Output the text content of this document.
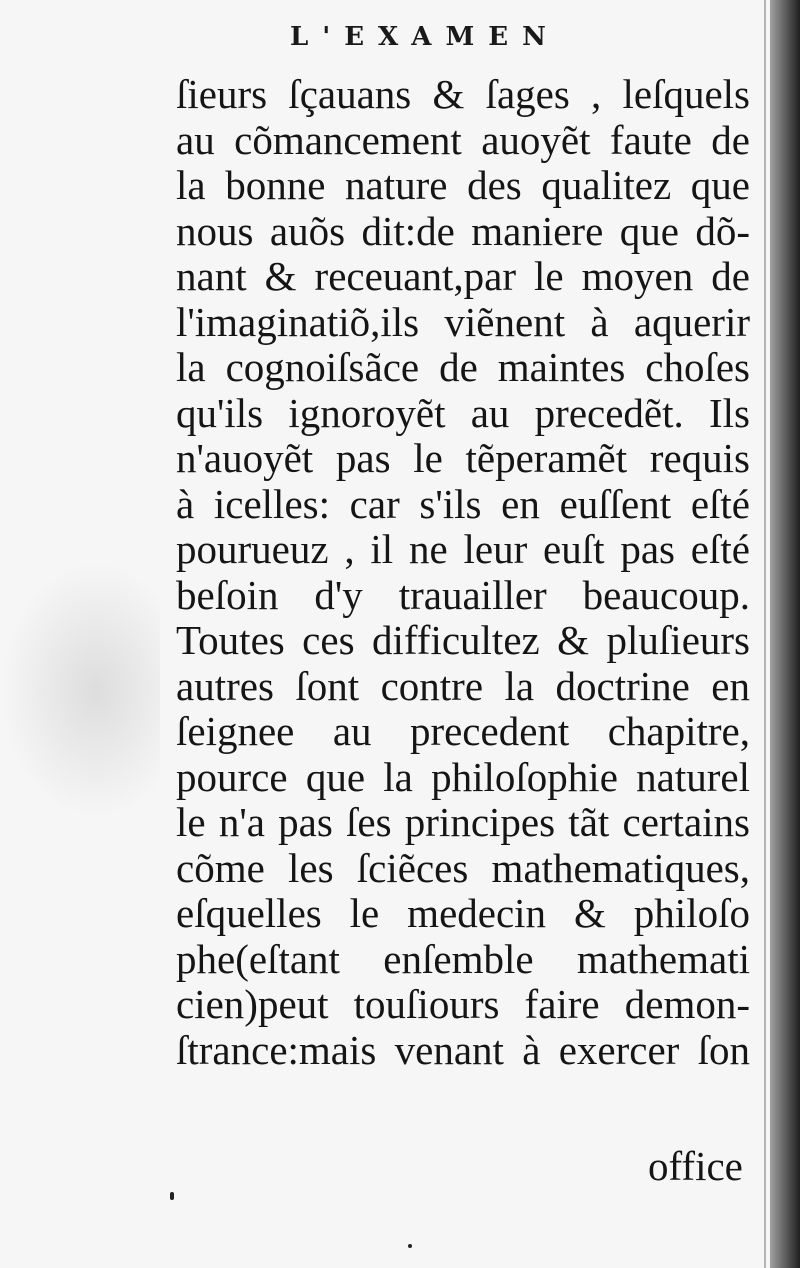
L'EXAMEN
ſieurs ſçauans & ſages , leſquels
au cõmancement auoyẽt faute de
la bonne nature des qualitez que
nous auõs dit:de maniere que dõ-
nant & receuant,par le moyen de
l'imaginatiõ,ils viẽnent à aquerir
la cognoiſsãce de maintes choſes
qu'ils ignoroyẽt au precedẽt. Ils
n'auoyẽt pas le tẽperamẽt requis
à icelles: car s'ils en euſſent eſté
pourueuz , il ne leur euſt pas eſté
beſoin d'y trauailler beaucoup.
Toutes ces difficultez & pluſieurs
autres ſont contre la doctrine en
ſeignee au precedent chapitre,
pource que la philoſophie naturel
le n'a pas ſes principes tãt certains
cõme les ſciẽces mathematiques,
eſquelles le medecin & philoſo
phe(eſtant enſemble mathemati
cien)peut touſiours faire demon-
ſtrance:mais venant à exercer ſon
office
